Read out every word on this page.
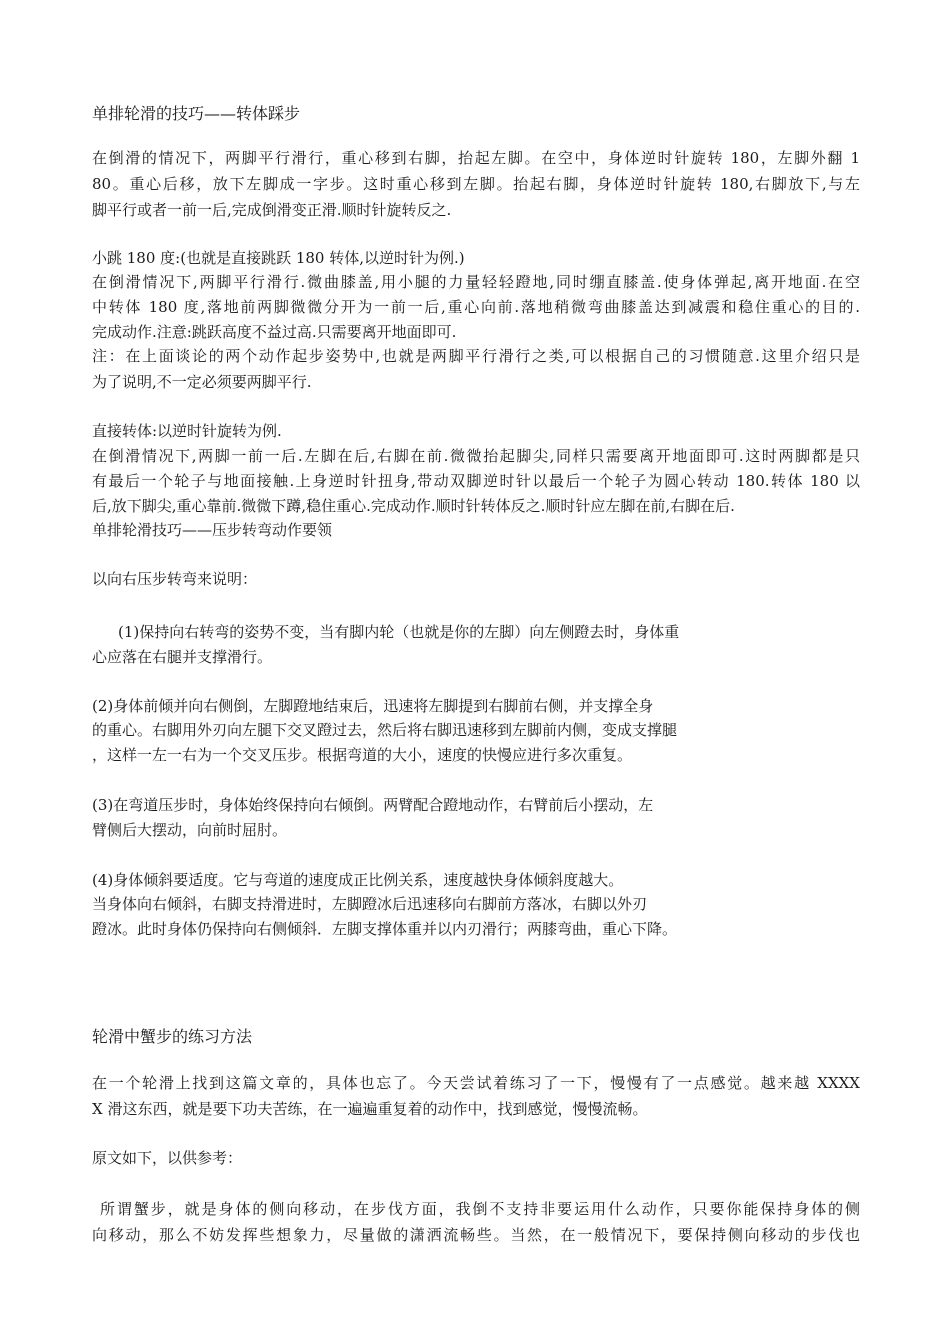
单排轮滑的技巧——转体踩步
在倒滑的情况下，两脚平行滑行，重心移到右脚，抬起左脚。在空中，身体逆时针旋转 180，左脚外翻 1
80。重心后移，放下左脚成一字步。这时重心移到左脚。抬起右脚，身体逆时针旋转 180,右脚放下,与左
脚平行或者一前一后,完成倒滑变正滑.顺时针旋转反之.
小跳 180 度:(也就是直接跳跃 180 转体,以逆时针为例.)
在倒滑情况下,两脚平行滑行.微曲膝盖,用小腿的力量轻轻蹬地,同时绷直膝盖.使身体弹起,离开地面.在空
中转体 180 度,落地前两脚微微分开为一前一后,重心向前.落地稍微弯曲膝盖达到减震和稳住重心的目的.
完成动作.注意:跳跃高度不益过高.只需要离开地面即可.
注：在上面谈论的两个动作起步姿势中,也就是两脚平行滑行之类,可以根据自己的习惯随意.这里介绍只是
为了说明,不一定必须要两脚平行.
直接转体:以逆时针旋转为例.
在倒滑情况下,两脚一前一后.左脚在后,右脚在前.微微抬起脚尖,同样只需要离开地面即可.这时两脚都是只
有最后一个轮子与地面接触.上身逆时针扭身,带动双脚逆时针以最后一个轮子为圆心转动 180.转体 180 以
后,放下脚尖,重心靠前.微微下蹲,稳住重心.完成动作.顺时针转体反之.顺时针应左脚在前,右脚在后.
单排轮滑技巧——压步转弯动作要领
以向右压步转弯来说明：
(1)保持向右转弯的姿势不变，当有脚内轮（也就是你的左脚）向左侧蹬去时，身体重
心应落在右腿并支撑滑行。
(2)身体前倾并向右侧倒，左脚蹬地结束后，迅速将左脚提到右脚前右侧，并支撑全身
的重心。右脚用外刃向左腿下交叉蹬过去，然后将右脚迅速移到左脚前内侧，变成支撑腿
，这样一左一右为一个交叉压步。根据弯道的大小，速度的快慢应进行多次重复。
(3)在弯道压步时，身体始终保持向右倾倒。两臂配合蹬地动作，右臂前后小摆动，左
臂侧后大摆动，向前时屈肘。
(4)身体倾斜要适度。它与弯道的速度成正比例关系，速度越快身体倾斜度越大。
当身体向右倾斜，右脚支持滑进时，左脚蹬冰后迅速移向右脚前方落冰，右脚以外刃
蹬冰。此时身体仍保持向右侧倾斜．左脚支撑体重并以内刃滑行；两膝弯曲，重心下降。
轮滑中蟹步的练习方法
在一个轮滑上找到这篇文章的，具体也忘了。今天尝试着练习了一下，慢慢有了一点感觉。越来越 XXXX
X 滑这东西，就是要下功夫苦练，在一遍遍重复着的动作中，找到感觉，慢慢流畅。
原文如下，以供参考：
所谓蟹步，就是身体的侧向移动，在步伐方面，我倒不支持非要运用什么动作，只要你能保持身体的侧
向移动，那么不妨发挥些想象力，尽量做的潇洒流畅些。当然，在一般情况下，要保持侧向移动的步伐也
